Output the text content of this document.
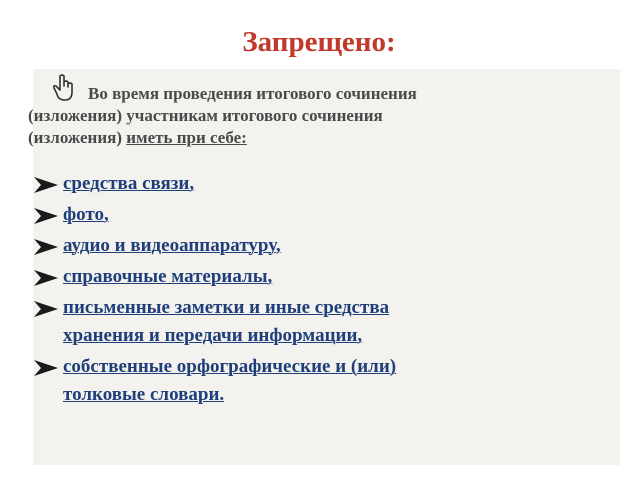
Запрещено:
Во время проведения итогового сочинения
(изложения) участникам итогового сочинения
(изложения) иметь при себе:
средства связи,
фото,
аудио и видеоаппаратуру,
справочные материалы,
письменные заметки и иные средства
хранения и передачи информации,
собственные орфографические и (или)
толковые словари.
